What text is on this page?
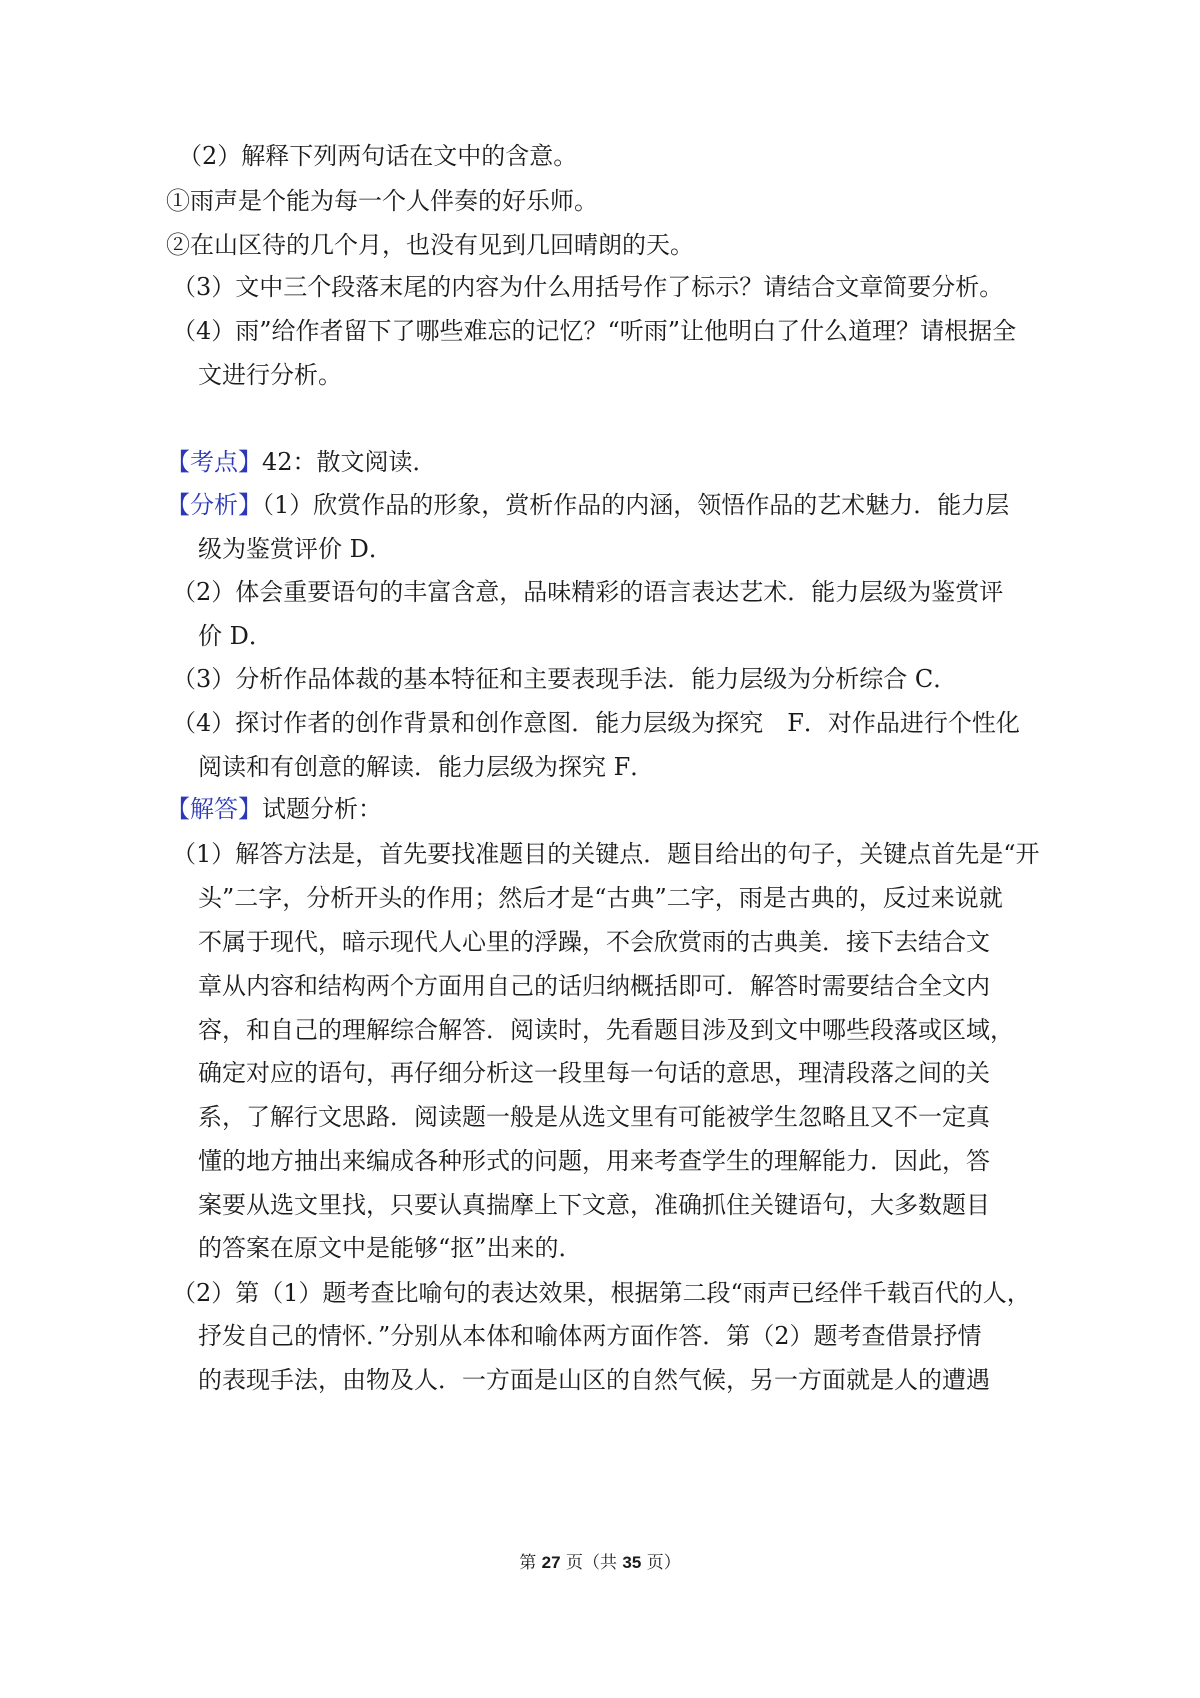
（2）解释下列两句话在文中的含意。
①雨声是个能为每一个人伴奏的好乐师。
②在山区待的几个月，也没有见到几回晴朗的天。
（3）文中三个段落末尾的内容为什么用括号作了标示？请结合文章简要分析。
（4）雨”给作者留下了哪些难忘的记忆？“听雨”让他明白了什么道理？请根据全
文进行分析。
【考点】42：散文阅读．
【分析】（1）欣赏作品的形象，赏析作品的内涵，领悟作品的艺术魅力．能力层
级为鉴赏评价 D．
（2）体会重要语句的丰富含意，品味精彩的语言表达艺术．能力层级为鉴赏评
价 D．
（3）分析作品体裁的基本特征和主要表现手法．能力层级为分析综合 C．
（4）探讨作者的创作背景和创作意图．能力层级为探究　F．对作品进行个性化
阅读和有创意的解读．能力层级为探究 F．
【解答】试题分析：
（1）解答方法是，首先要找准题目的关键点．题目给出的句子，关键点首先是“开
头”二字，分析开头的作用；然后才是“古典”二字，雨是古典的，反过来说就
不属于现代，暗示现代人心里的浮躁，不会欣赏雨的古典美．接下去结合文
章从内容和结构两个方面用自己的话归纳概括即可．解答时需要结合全文内
容，和自己的理解综合解答．阅读时，先看题目涉及到文中哪些段落或区域，
确定对应的语句，再仔细分析这一段里每一句话的意思，理清段落之间的关
系，了解行文思路．阅读题一般是从选文里有可能被学生忽略且又不一定真
懂的地方抽出来编成各种形式的问题，用来考查学生的理解能力．因此，答
案要从选文里找，只要认真揣摩上下文意，准确抓住关键语句，大多数题目
的答案在原文中是能够“抠”出来的．
（2）第（1）题考查比喻句的表达效果，根据第二段“雨声已经伴千载百代的人，
抒发自己的情怀．”分别从本体和喻体两方面作答．第（2）题考查借景抒情
的表现手法，由物及人．一方面是山区的自然气候，另一方面就是人的遭遇
第 27 页（共 35 页）
